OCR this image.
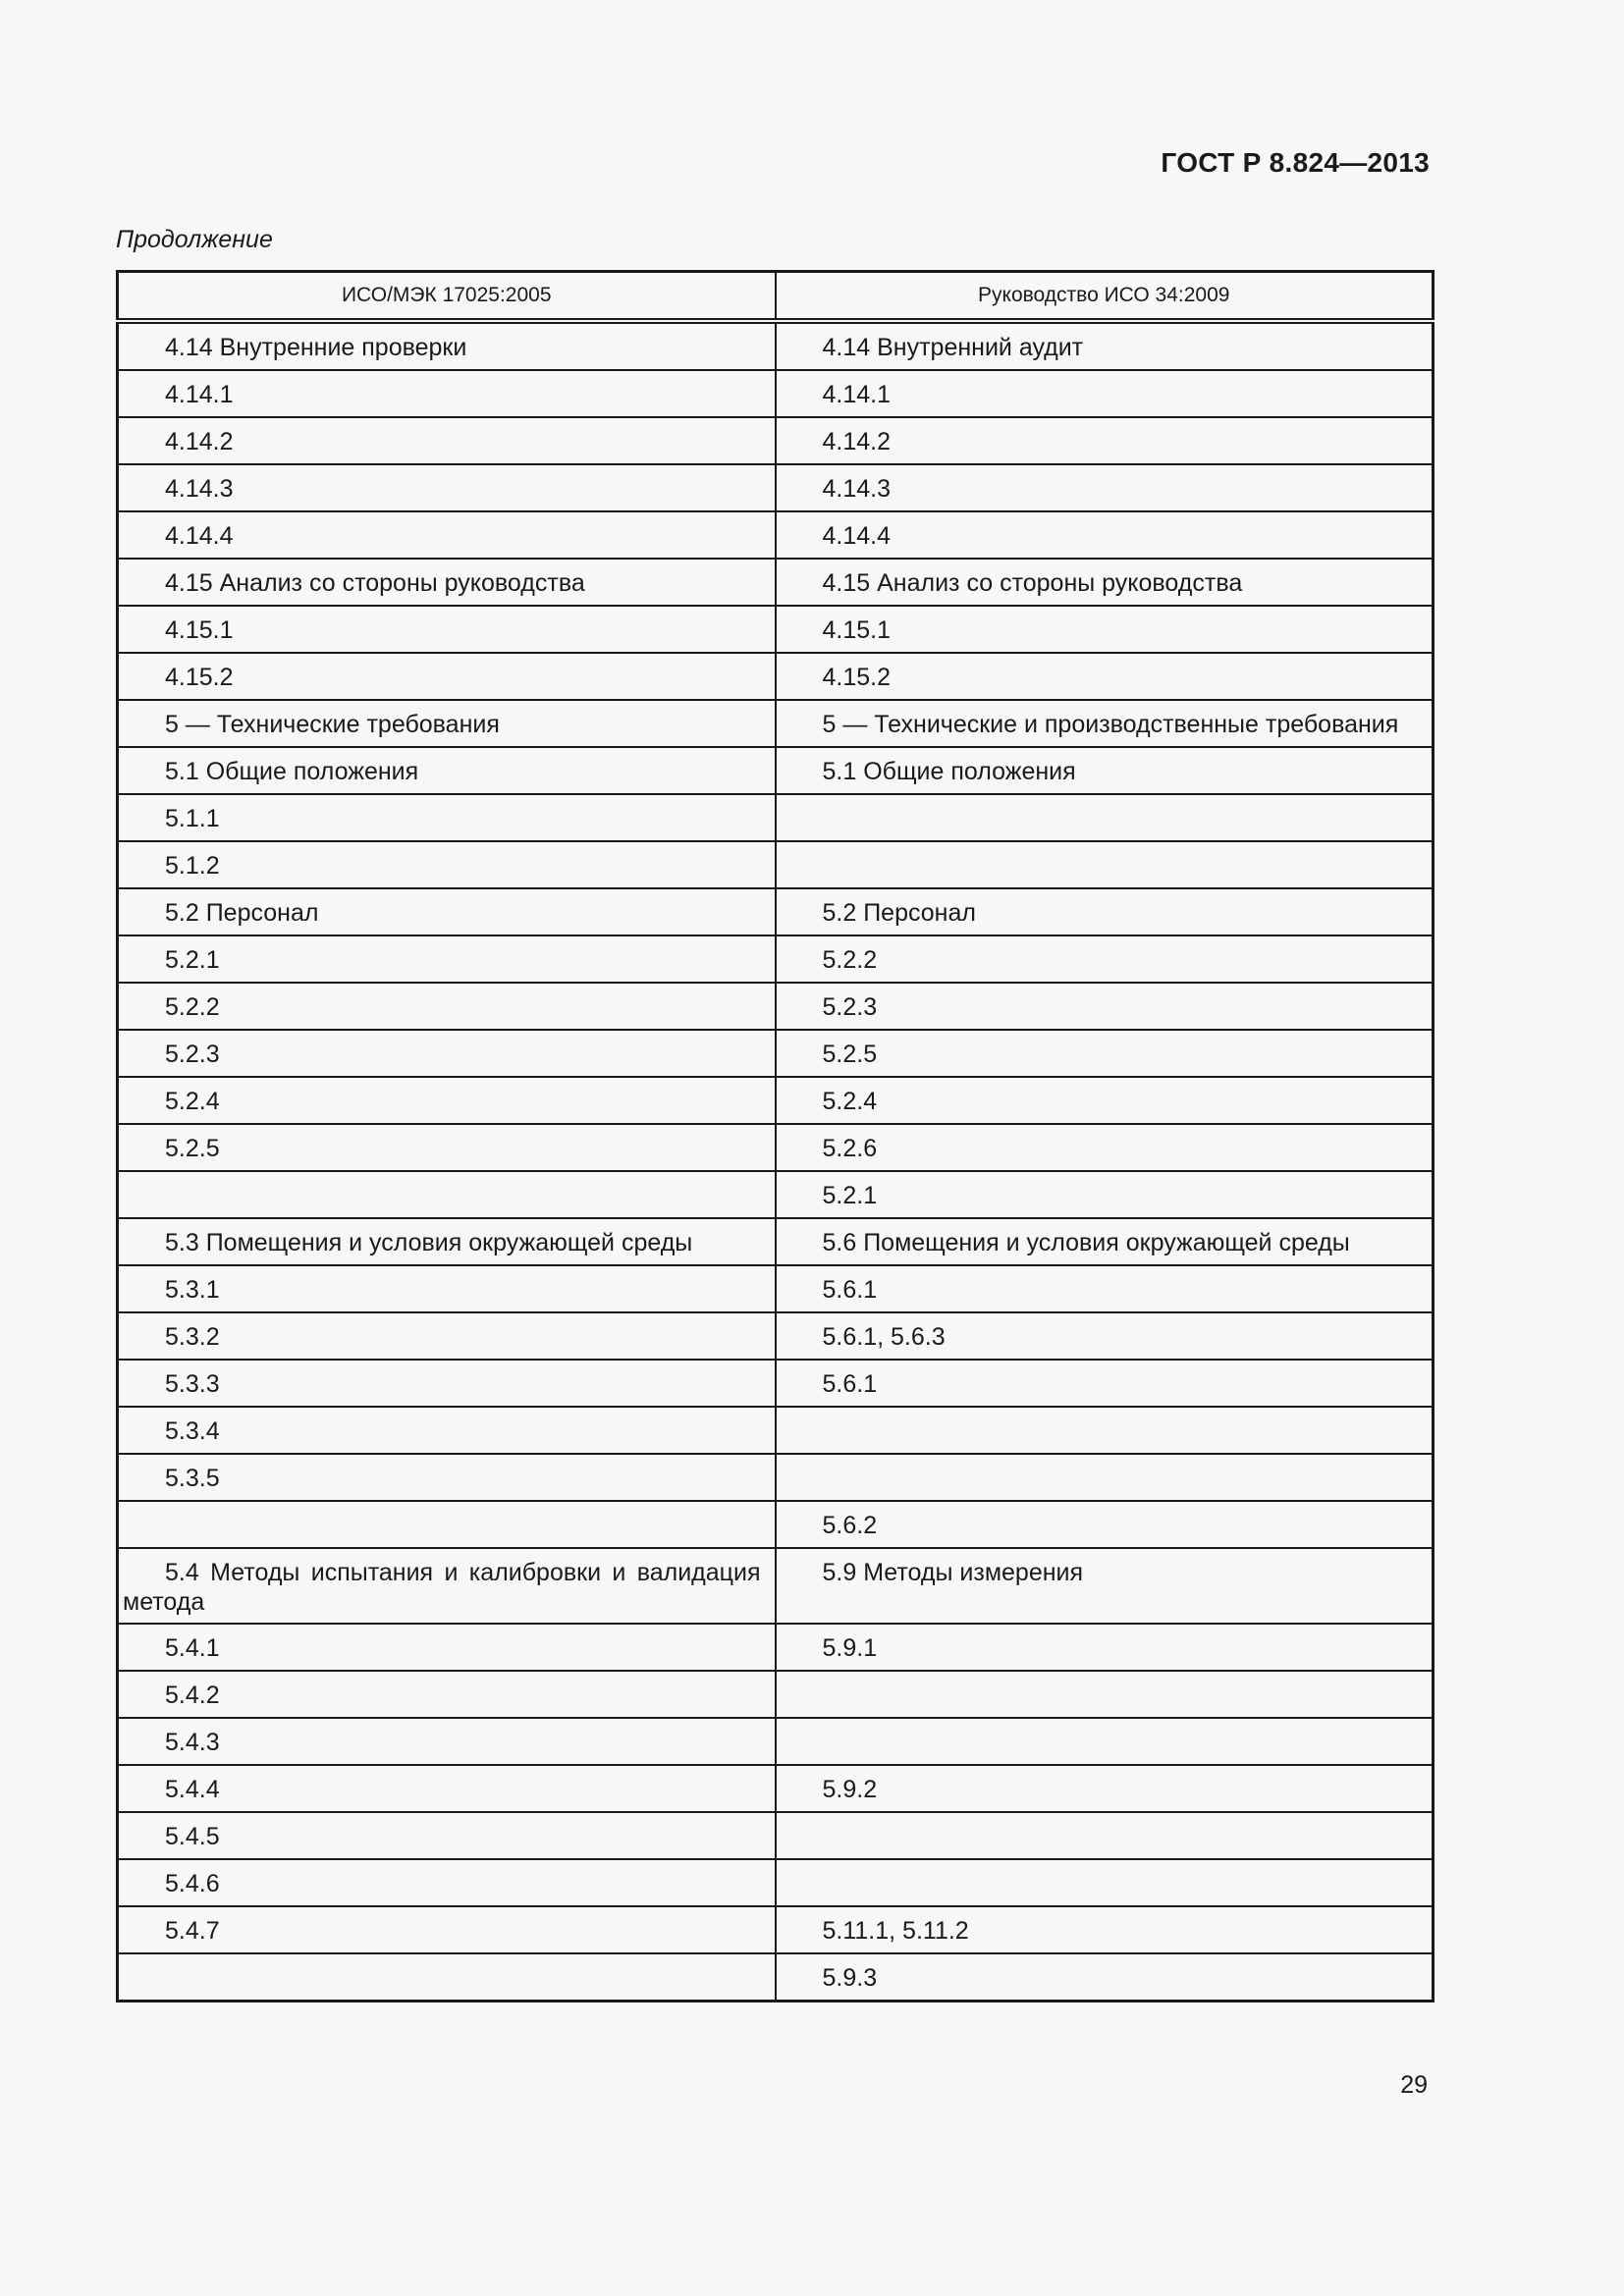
ГОСТ Р 8.824—2013
Продолжение
ИСО/МЭК 17025:2005	Руководство ИСО 34:2009

4.14 Внутренние проверки	4.14 Внутренний аудит

4.14.1	4.14.1

4.14.2	4.14.2

4.14.3	4.14.3

4.14.4	4.14.4

4.15 Анализ со стороны руководства	4.15 Анализ со стороны руководства

4.15.1	4.15.1

4.15.2	4.15.2

5 — Технические требования	5 — Технические и производственные требования

5.1 Общие положения	5.1 Общие положения

5.1.1	

5.1.2	

5.2 Персонал	5.2 Персонал

5.2.1	5.2.2

5.2.2	5.2.3

5.2.3	5.2.5

5.2.4	5.2.4

5.2.5	5.2.6

	5.2.1

5.3 Помещения и условия окружающей среды	5.6 Помещения и условия окружающей среды

5.3.1	5.6.1

5.3.2	5.6.1, 5.6.3

5.3.3	5.6.1

5.3.4	

5.3.5	

	5.6.2

5.4 Методы испытания и калибровки и валидация метода	5.9 Методы измерения

5.4.1	5.9.1

5.4.2	

5.4.3	

5.4.4	5.9.2

5.4.5	

5.4.6	

5.4.7	5.11.1, 5.11.2

	5.9.3
29
